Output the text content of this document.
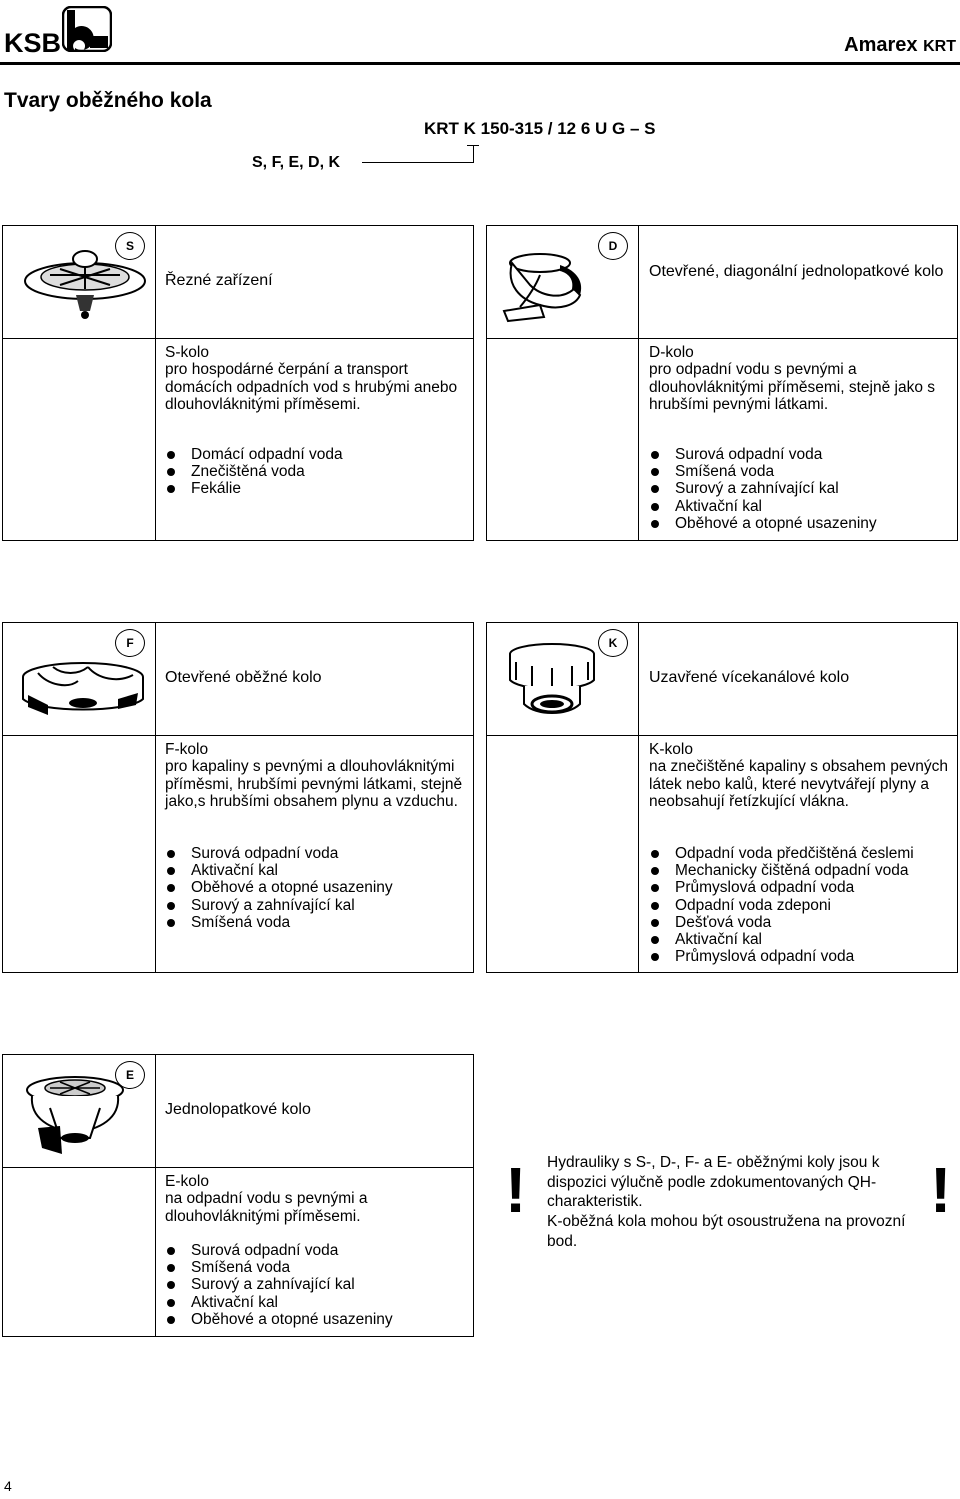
KSB	Amarex KRT
Tvary oběžného kola
KRT K 150-315 / 12 6 U G – S
S, F, E, D, K
S
Řezné zařízení
S-kolo
pro hospodárné čerpání a transport domácích odpadních vod s hrubými anebo dlouhovláknitými příměsemi.
Domácí odpadní voda
Znečištěná voda
Fekálie
D
Otevřené, diagonální jednolopatkové kolo
D-kolo
pro odpadní vodu s pevnými a dlouhovláknitými příměsemi, stejně jako s hrubšími pevnými látkami.
Surová odpadní voda
Smíšená voda
Surový a zahnívající kal
Aktivační kal
Oběhové a otopné usazeniny
F
Otevřené oběžné kolo
F-kolo
pro kapaliny s pevnými a dlouhovláknitými příměsmi, hrubšími pevnými látkami, stejně jako,s hrubšími obsahem plynu a vzduchu.
Surová odpadní voda
Aktivační kal
Oběhové a otopné usazeniny
Surový a zahnívající kal
Smíšená voda
K
Uzavřené vícekanálové kolo
K-kolo
na znečištěné kapaliny s obsahem pevných látek nebo kalů, které nevytvářejí plyny a neobsahují řetízkující vlákna.
Odpadní voda předčištěná česlemi
Mechanicky čištěná odpadní voda
Průmyslová odpadní voda
Odpadní voda zdeponi
Dešťová voda
Aktivační kal
Průmyslová odpadní voda
E
Jednolopatkové kolo
E-kolo
na odpadní vodu s pevnými a dlouhovláknitými příměsemi.
Surová odpadní voda
Smíšená voda
Surový a zahnívající kal
Aktivační kal
Oběhové a otopné usazeniny
! Hydrauliky s S-, D-, F- a E- oběžnými koly jsou k dispozici výlučně podle zdokumentovaných QH-charakteristik.
K-oběžná kola mohou být osoustružena na provozní bod.
!
4
